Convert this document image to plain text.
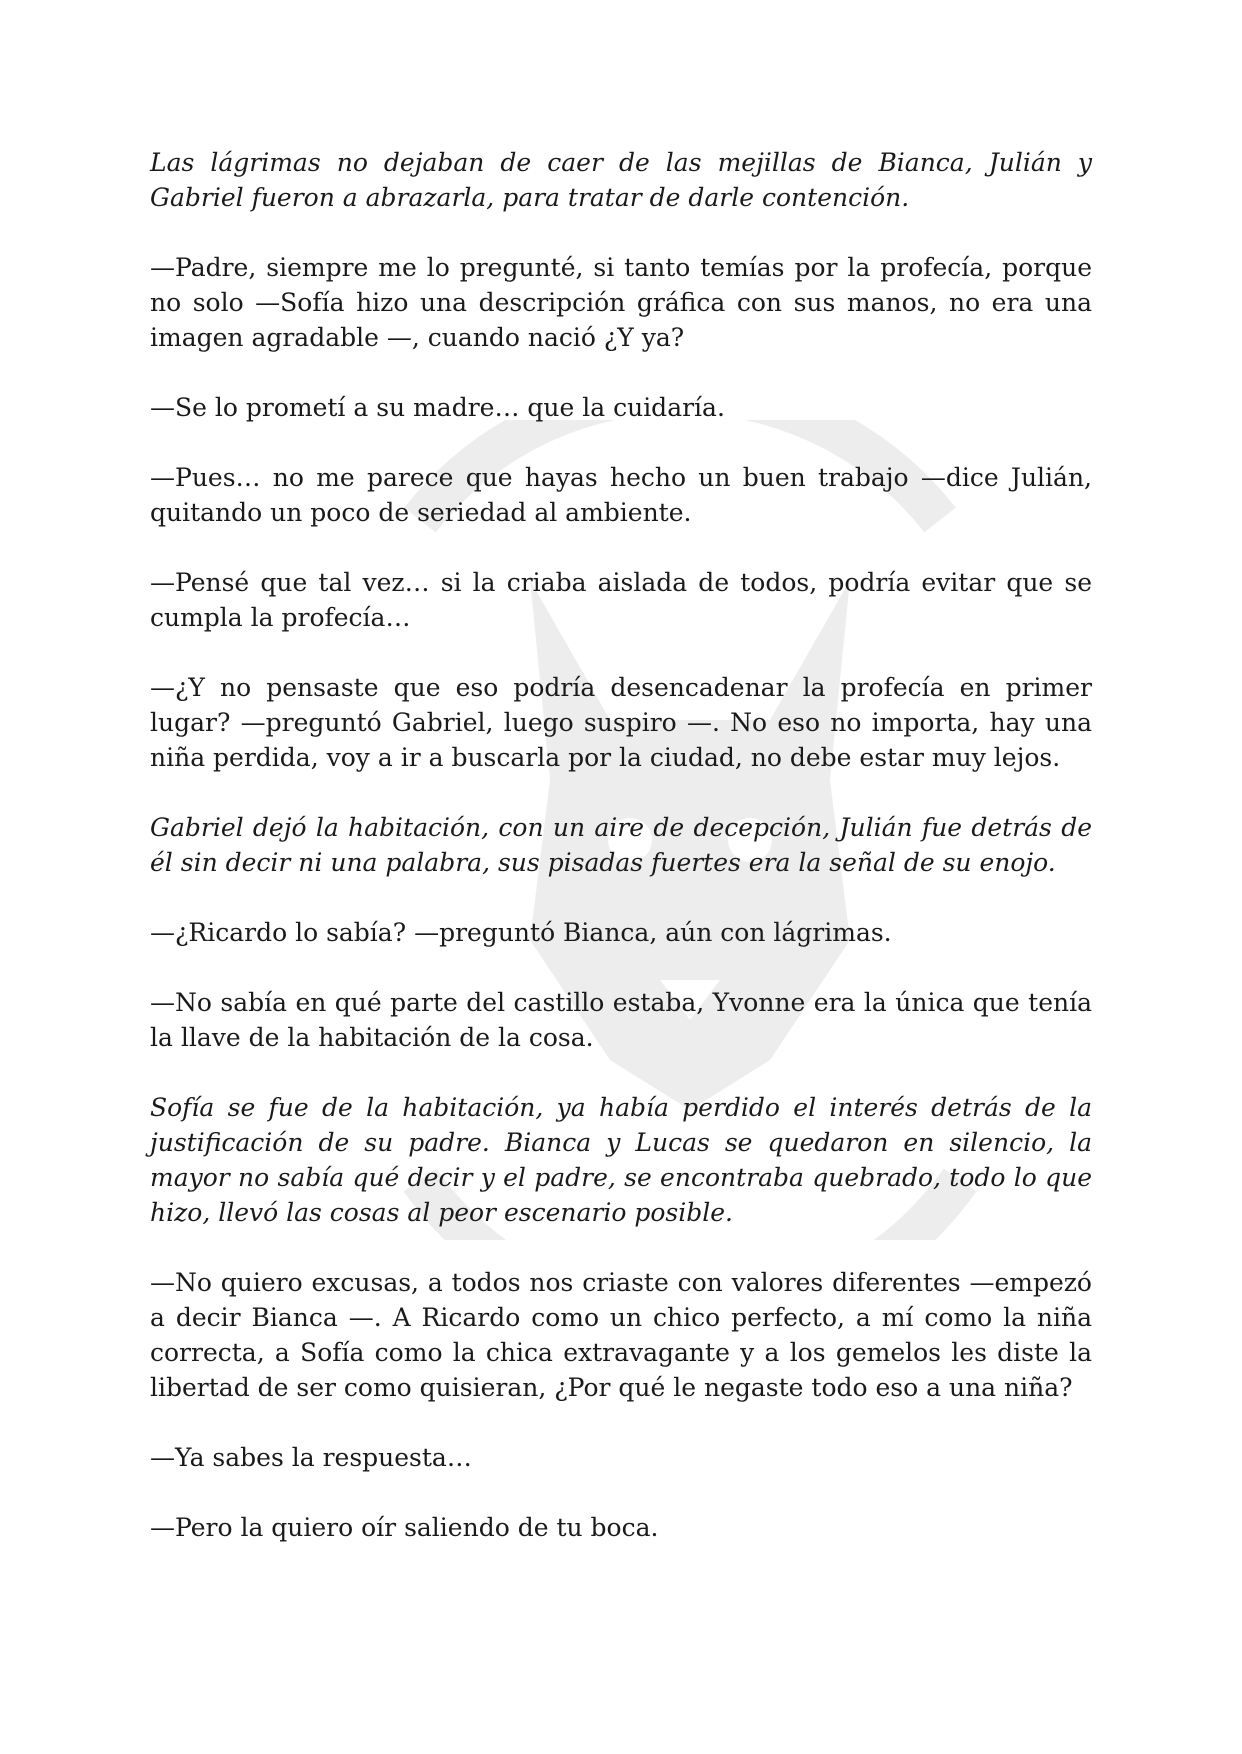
Las lágrimas no dejaban de caer de las mejillas de Bianca, Julián y Gabriel fueron a abrazarla, para tratar de darle contención.

—Padre, siempre me lo pregunté, si tanto temías por la profecía, porque no solo —Sofía hizo una descripción gráfica con sus manos, no era una imagen agradable —, cuando nació ¿Y ya?

—Se lo prometí a su madre… que la cuidaría.

—Pues… no me parece que hayas hecho un buen trabajo —dice Julián, quitando un poco de seriedad al ambiente.

—Pensé que tal vez… si la criaba aislada de todos, podría evitar que se cumpla la profecía…

—¿Y no pensaste que eso podría desencadenar la profecía en primer lugar? —preguntó Gabriel, luego suspiro —. No eso no importa, hay una niña perdida, voy a ir a buscarla por la ciudad, no debe estar muy lejos.

Gabriel dejó la habitación, con un aire de decepción, Julián fue detrás de él sin decir ni una palabra, sus pisadas fuertes era la señal de su enojo.

—¿Ricardo lo sabía? —preguntó Bianca, aún con lágrimas.

—No sabía en qué parte del castillo estaba, Yvonne era la única que tenía la llave de la habitación de la cosa.

Sofía se fue de la habitación, ya había perdido el interés detrás de la justificación de su padre. Bianca y Lucas se quedaron en silencio, la mayor no sabía qué decir y el padre, se encontraba quebrado, todo lo que hizo, llevó las cosas al peor escenario posible.

—No quiero excusas, a todos nos criaste con valores diferentes —empezó a decir Bianca —. A Ricardo como un chico perfecto, a mí como la niña correcta, a Sofía como la chica extravagante y a los gemelos les diste la libertad de ser como quisieran, ¿Por qué le negaste todo eso a una niña?

—Ya sabes la respuesta…

—Pero la quiero oír saliendo de tu boca.
